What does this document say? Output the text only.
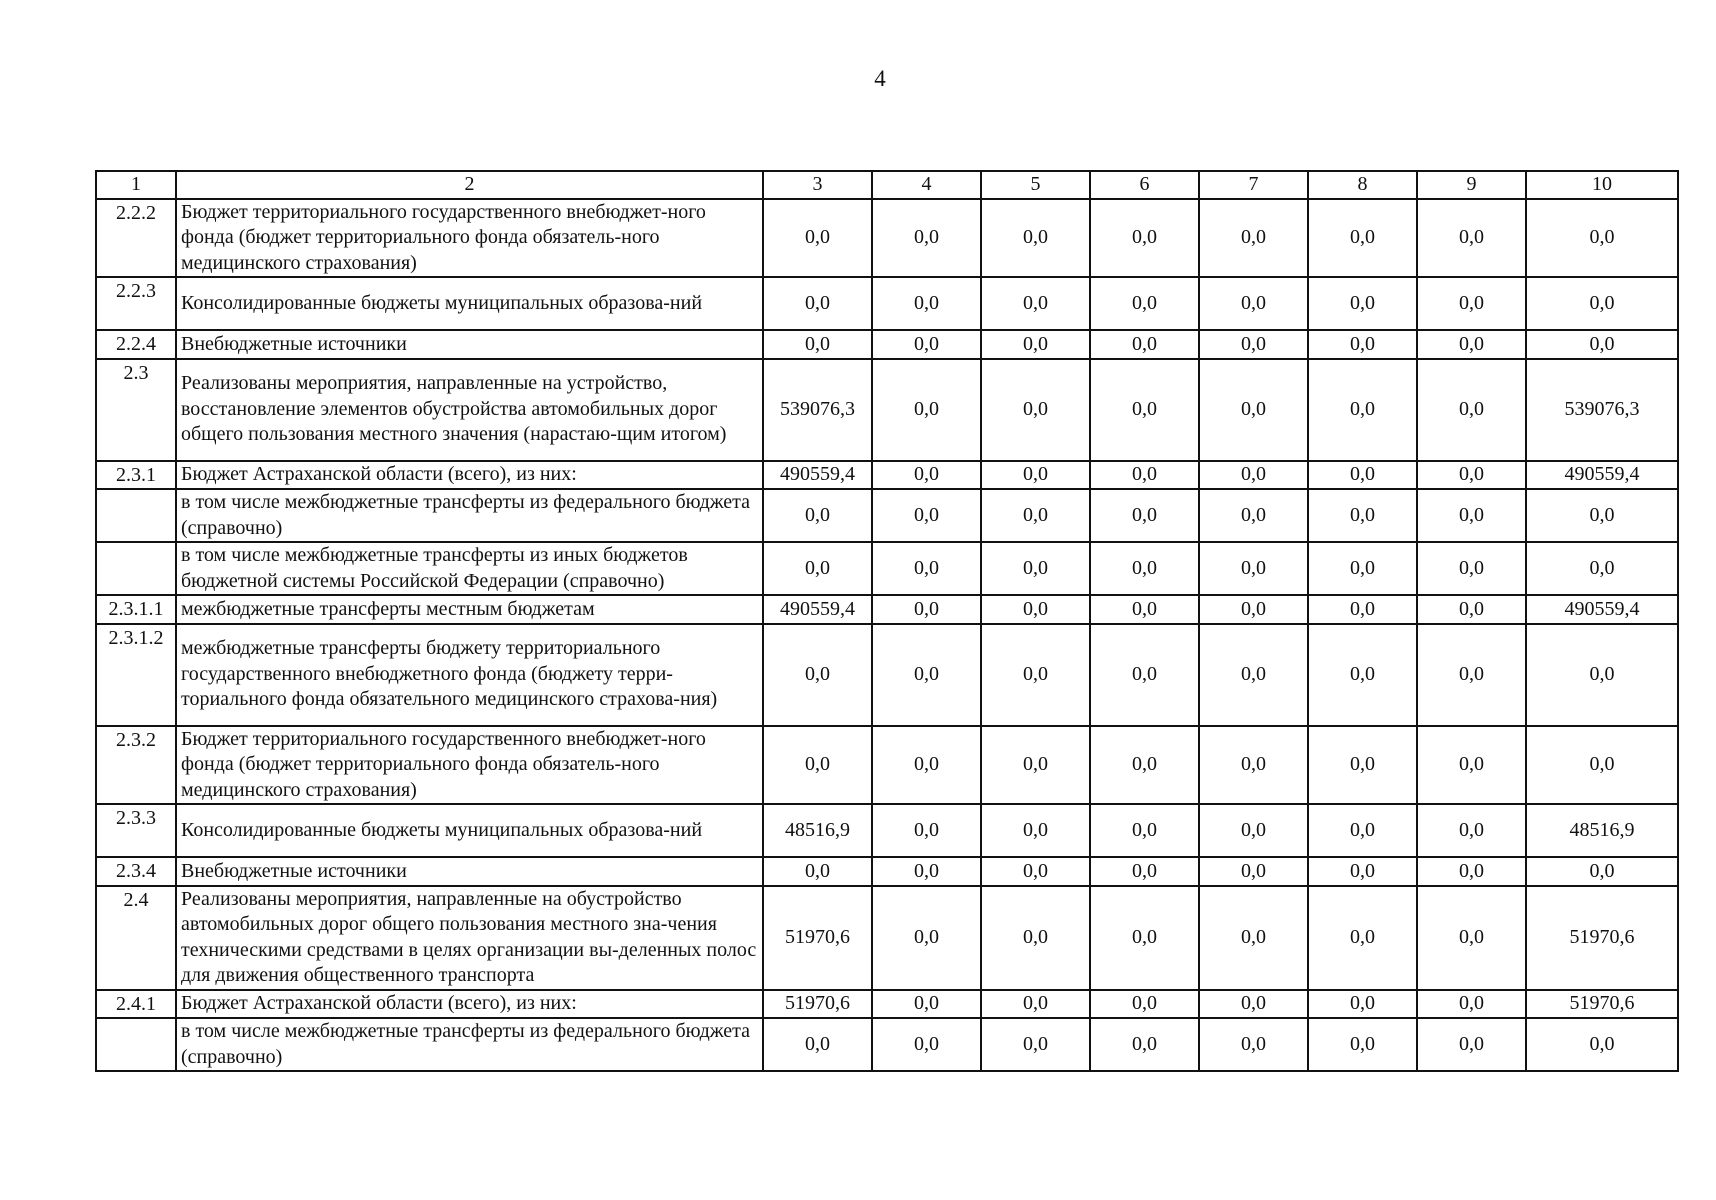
4
1	2	3	4	5	6	7	8	9	10
2.2.2	Бюджет территориального государственного внебюджет-ного фонда (бюджет территориального фонда обязатель-ного медицинского страхования)	0,0	0,0	0,0	0,0	0,0	0,0	0,0	0,0
2.2.3	Консолидированные бюджеты муниципальных образова-ний	0,0	0,0	0,0	0,0	0,0	0,0	0,0	0,0
2.2.4	Внебюджетные источники	0,0	0,0	0,0	0,0	0,0	0,0	0,0	0,0
2.3	Реализованы мероприятия, направленные на устройство, восстановление элементов обустройства автомобильных дорог общего пользования местного значения (нарастаю-щим итогом)	539076,3	0,0	0,0	0,0	0,0	0,0	0,0	539076,3
2.3.1	Бюджет Астраханской области (всего), из них:	490559,4	0,0	0,0	0,0	0,0	0,0	0,0	490559,4
	в том числе межбюджетные трансферты из федерального бюджета (справочно)	0,0	0,0	0,0	0,0	0,0	0,0	0,0	0,0
	в том числе межбюджетные трансферты из иных бюджетов бюджетной системы Российской Федерации (справочно)	0,0	0,0	0,0	0,0	0,0	0,0	0,0	0,0
2.3.1.1	межбюджетные трансферты местным бюджетам	490559,4	0,0	0,0	0,0	0,0	0,0	0,0	490559,4
2.3.1.2	межбюджетные трансферты бюджету территориального государственного внебюджетного фонда (бюджету терри-ториального фонда обязательного медицинского страхова-ния)	0,0	0,0	0,0	0,0	0,0	0,0	0,0	0,0
2.3.2	Бюджет территориального государственного внебюджет-ного фонда (бюджет территориального фонда обязатель-ного медицинского страхования)	0,0	0,0	0,0	0,0	0,0	0,0	0,0	0,0
2.3.3	Консолидированные бюджеты муниципальных образова-ний	48516,9	0,0	0,0	0,0	0,0	0,0	0,0	48516,9
2.3.4	Внебюджетные источники	0,0	0,0	0,0	0,0	0,0	0,0	0,0	0,0
2.4	Реализованы мероприятия, направленные на обустройство автомобильных дорог общего пользования местного зна-чения техническими средствами в целях организации вы-деленных полос для движения общественного транспорта	51970,6	0,0	0,0	0,0	0,0	0,0	0,0	51970,6
2.4.1	Бюджет Астраханской области (всего), из них:	51970,6	0,0	0,0	0,0	0,0	0,0	0,0	51970,6
	в том числе межбюджетные трансферты из федерального бюджета (справочно)	0,0	0,0	0,0	0,0	0,0	0,0	0,0	0,0
